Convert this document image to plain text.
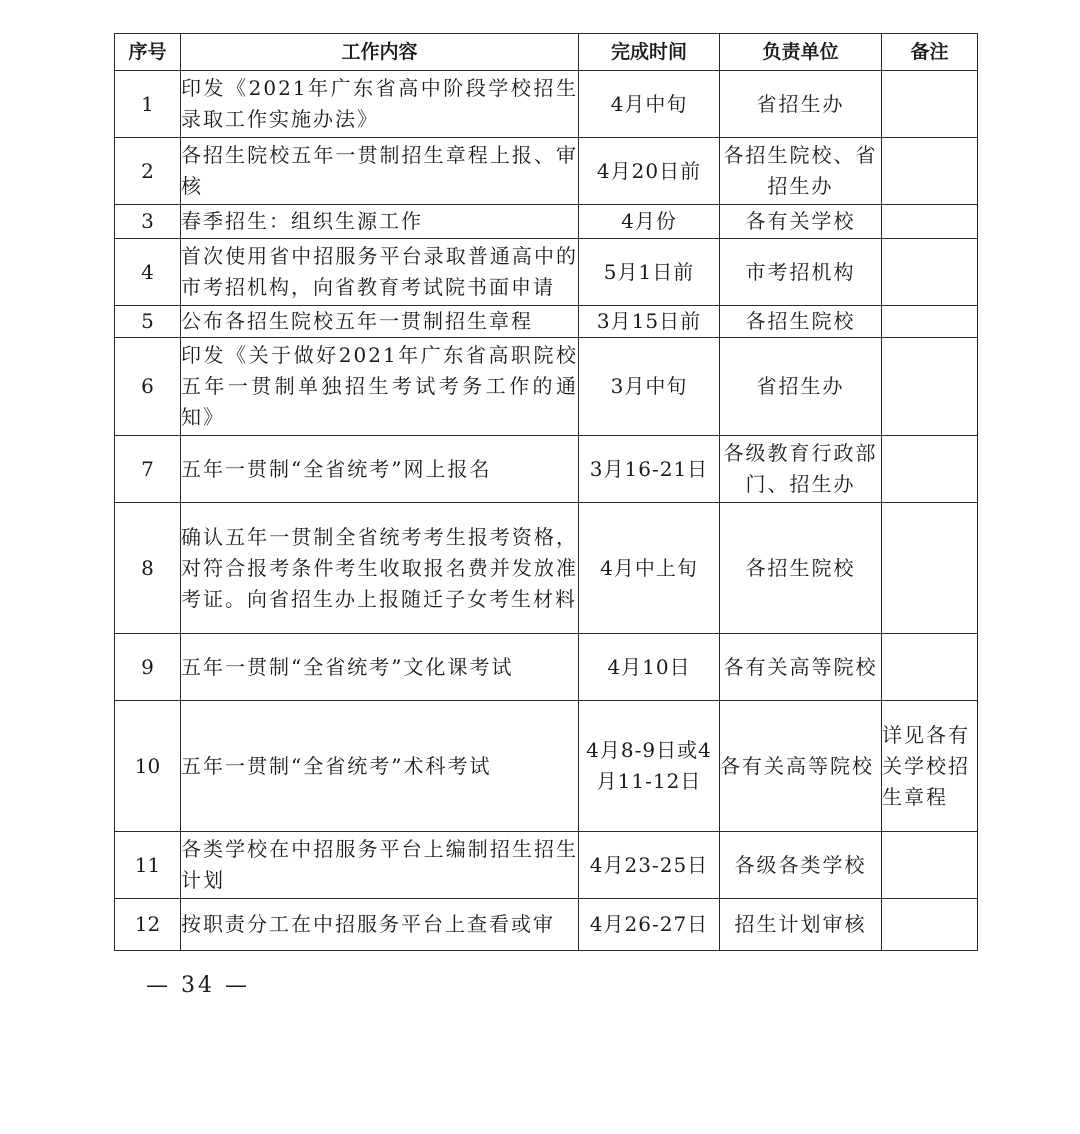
序号	工作内容	完成时间	负责单位	备注
1	印发《2021年广东省高中阶段学校招生录取工作实施办法》	4月中旬	省招生办	
2	各招生院校五年一贯制招生章程上报、审核	4月20日前	各招生院校、省招生办	
3	春季招生：组织生源工作	4月份	各有关学校	
4	首次使用省中招服务平台录取普通高中的市考招机构，向省教育考试院书面申请	5月1日前	市考招机构	
5	公布各招生院校五年一贯制招生章程	3月15日前	各招生院校	
6	印发《关于做好2021年广东省高职院校五年一贯制单独招生考试考务工作的通知》	3月中旬	省招生办	
7	五年一贯制“全省统考”网上报名	3月16-21日	各级教育行政部门、招生办	
8	确认五年一贯制全省统考考生报考资格，对符合报考条件考生收取报名费并发放准考证。向省招生办上报随迁子女考生材料	4月中上旬	各招生院校	
9	五年一贯制“全省统考”文化课考试	4月10日	各有关高等院校	
10	五年一贯制“全省统考”术科考试	4月8-9日或4月11-12日	各有关高等院校	详见各有关学校招生章程
11	各类学校在中招服务平台上编制招生招生计划	4月23-25日	各级各类学校	
12	按职责分工在中招服务平台上查看或审	4月26-27日	招生计划审核	
— 34 —
